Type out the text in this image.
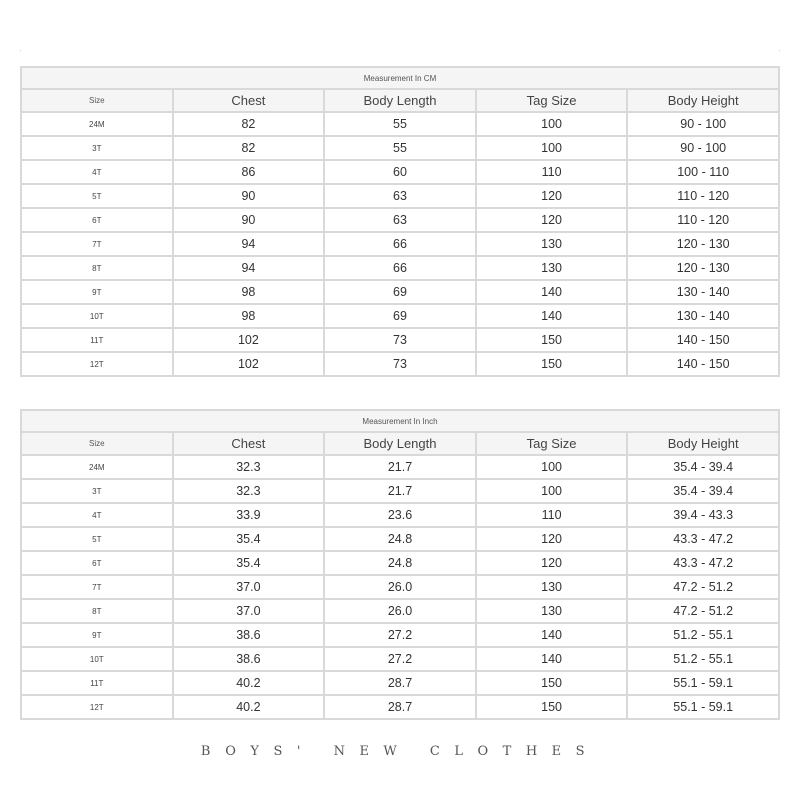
Measurement In CM				
Size	Chest	Body Length	Tag Size	Body Height
24M	82	55	100	90 - 100
3T	82	55	100	90 - 100
4T	86	60	110	100 - 110
5T	90	63	120	110 - 120
6T	90	63	120	110 - 120
7T	94	66	130	120 - 130
8T	94	66	130	120 - 130
9T	98	69	140	130 - 140
10T	98	69	140	130 - 140
11T	102	73	150	140 - 150
12T	102	73	150	140 - 150
Measurement In Inch				
Size	Chest	Body Length	Tag Size	Body Height
24M	32.3	21.7	100	35.4 - 39.4
3T	32.3	21.7	100	35.4 - 39.4
4T	33.9	23.6	110	39.4 - 43.3
5T	35.4	24.8	120	43.3 - 47.2
6T	35.4	24.8	120	43.3 - 47.2
7T	37.0	26.0	130	47.2 - 51.2
8T	37.0	26.0	130	47.2 - 51.2
9T	38.6	27.2	140	51.2 - 55.1
10T	38.6	27.2	140	51.2 - 55.1
11T	40.2	28.7	150	55.1 - 59.1
12T	40.2	28.7	150	55.1 - 59.1
BOYS' NEW CLOTHES
